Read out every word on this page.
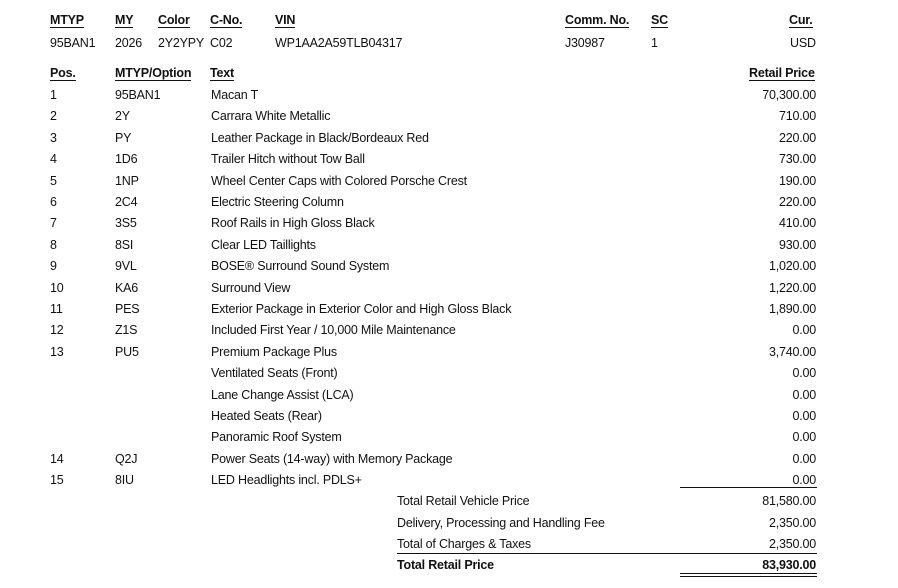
MTYP MY Color C-No.	VIN	Comm. No. SC	Cur.
95BAN1 2026 2Y2YPY C02	WP1AA2A59TLB04317	J30987	1	USD
Pos.	MTYP/Option Text	Retail Price
1	95BAN1	Macan T	70,300.00
2	2Y	Carrara White Metallic	710.00
3	PY	Leather Package in Black/Bordeaux Red	220.00
4	1D6	Trailer Hitch without Tow Ball	730.00
5	1NP	Wheel Center Caps with Colored Porsche Crest	190.00
6	2C4	Electric Steering Column	220.00
7	3S5	Roof Rails in High Gloss Black	410.00
8	8SI	Clear LED Taillights	930.00
9	9VL	BOSE® Surround Sound System	1,020.00
10	KA6	Surround View	1,220.00
11	PES	Exterior Package in Exterior Color and High Gloss Black	1,890.00
12	Z1S	Included First Year / 10,000 Mile Maintenance	0.00
13	PU5	Premium Package Plus	3,740.00
Ventilated Seats (Front)	0.00
Lane Change Assist (LCA)	0.00
Heated Seats (Rear)	0.00
Panoramic Roof System	0.00
14	Q2J	Power Seats (14-way) with Memory Package	0.00
15	8IU	LED Headlights incl. PDLS+	0.00
Total Retail Vehicle Price	81,580.00
Delivery, Processing and Handling Fee	2,350.00
Total of Charges & Taxes	2,350.00
Total Retail Price	83,930.00
